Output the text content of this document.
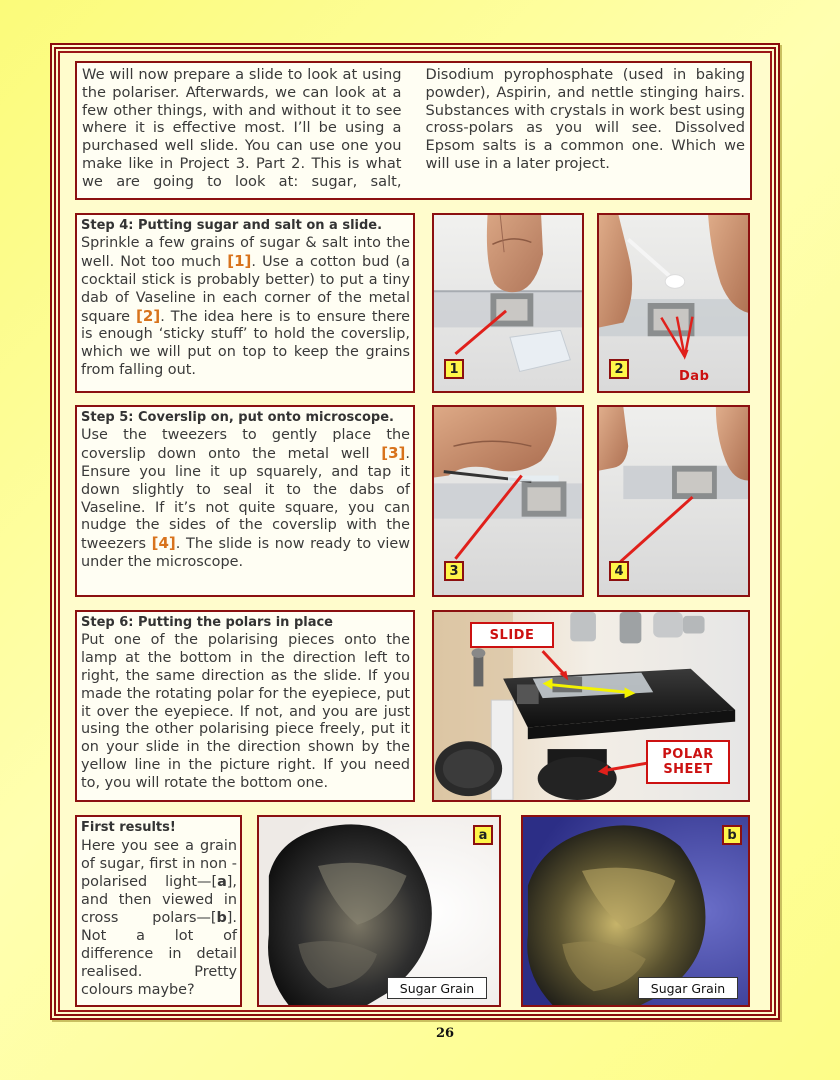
We will now prepare a slide to look at using the polariser. Afterwards, we can look at a few other things, with and without it to see where it is effective most. I’ll be using a purchased well slide. You can use one you make like in Project 3. Part 2. This is what we are going to look at: sugar, salt, Disodium pyrophosphate (used in baking powder), Aspirin, and nettle stinging hairs. Substances with crystals in work best using cross-polars as you will see. Dissolved Epsom salts is a common one. Which we will use in a later project.

Step 4: Putting sugar and salt on a slide.

Sprinkle a few grains of sugar & salt into the well. Not too much [1]. Use a cotton bud (a cocktail stick is probably better) to put a tiny dab of Vaseline in each corner of the metal square [2]. The idea here is to ensure there is enough ‘sticky stuff’ to hold the coverslip, which we will put on top to keep the grains from falling out.	1	2	Dab
Step 5: Coverslip on, put onto microscope.

Use the tweezers to gently place the coverslip down onto the metal well [3]. Ensure you line it up squarely, and tap it down slightly to seal it to the dabs of Vaseline. If it’s not quite square, you can nudge the sides of the coverslip with the tweezers [4]. The slide is now ready to view under the microscope.

3	4
Step 6: Putting the polars in place

Put one of the polarising pieces onto the lamp at the bottom in the direction left to right, the same direction as the slide. If you made the rotating polar for the eyepiece, put it over the eyepiece. If not, and you are just using the other polarising piece freely, put it on your slide in the direction shown by the yellow line in the picture right. If you need to, you will rotate the bottom one.

SLIDE
POLAR
SHEET
First results!

Here you see a grain of sugar, first in non -polarised light—[a], and then viewed in cross polars—[b]. Not a lot of difference in detail realised. Pretty colours maybe?

a
Sugar Grain
b
Sugar Grain
26
